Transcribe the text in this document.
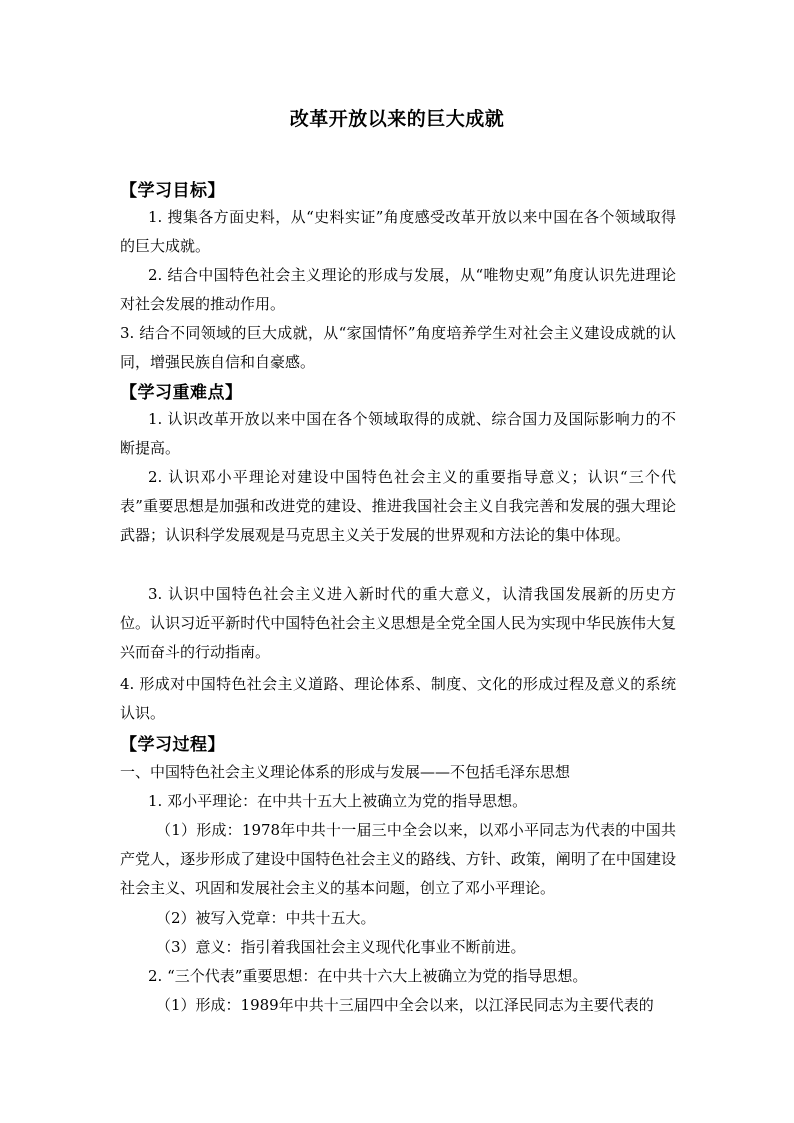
改革开放以来的巨大成就
【学习目标】
1. 搜集各方面史料，从“史料实证”角度感受改革开放以来中国在各个领域取得的巨大成就。
2. 结合中国特色社会主义理论的形成与发展，从“唯物史观”角度认识先进理论对社会发展的推动作用。
3. 结合不同领域的巨大成就，从“家国情怀”角度培养学生对社会主义建设成就的认同，增强民族自信和自豪感。
【学习重难点】
1. 认识改革开放以来中国在各个领域取得的成就、综合国力及国际影响力的不断提高。
2. 认识邓小平理论对建设中国特色社会主义的重要指导意义；认识“三个代表”重要思想是加强和改进党的建设、推进我国社会主义自我完善和发展的强大理论武器；认识科学发展观是马克思主义关于发展的世界观和方法论的集中体现。
3. 认识中国特色社会主义进入新时代的重大意义，认清我国发展新的历史方位。认识习近平新时代中国特色社会主义思想是全党全国人民为实现中华民族伟大复兴而奋斗的行动指南。
4. 形成对中国特色社会主义道路、理论体系、制度、文化的形成过程及意义的系统认识。
【学习过程】
一、中国特色社会主义理论体系的形成与发展——不包括毛泽东思想
1. 邓小平理论：在中共十五大上被确立为党的指导思想。
（1）形成：1978年中共十一届三中全会以来，以邓小平同志为代表的中国共产党人，逐步形成了建设中国特色社会主义的路线、方针、政策，阐明了在中国建设社会主义、巩固和发展社会主义的基本问题，创立了邓小平理论。
（2）被写入党章：中共十五大。
（3）意义：指引着我国社会主义现代化事业不断前进。
2. “三个代表”重要思想：在中共十六大上被确立为党的指导思想。
（1）形成：1989年中共十三届四中全会以来，以江泽民同志为主要代表的
